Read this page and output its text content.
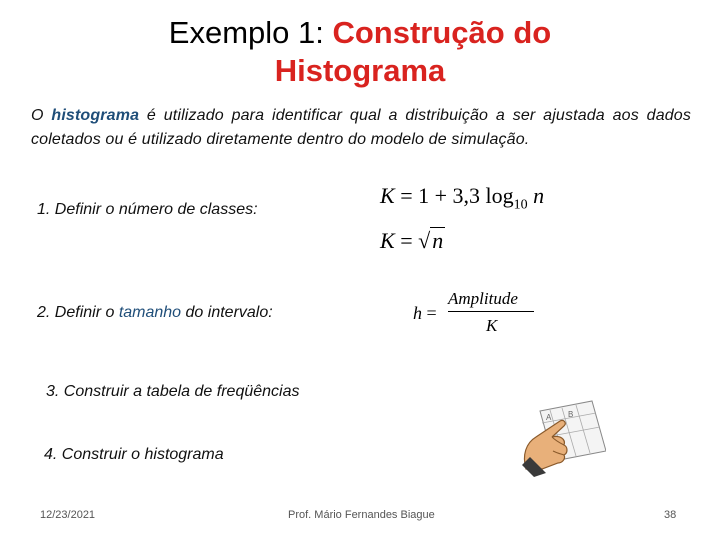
Exemplo 1: Construção do
Histograma
O histograma é utilizado para identificar qual a distribuição a ser ajustada aos dados coletados ou é utilizado diretamente dentro do modelo de simulação.
1. Definir o número de classes:
K = 1 + 3,3 $\log_{10} n$
K = √n
2. Definir o tamanho do intervalo:	h =
Amplitude
K
3. Construir a tabela de freqüências
4. Construir o histograma
A B
12/23/2021	Prof. Mário Fernandes Biague	38
